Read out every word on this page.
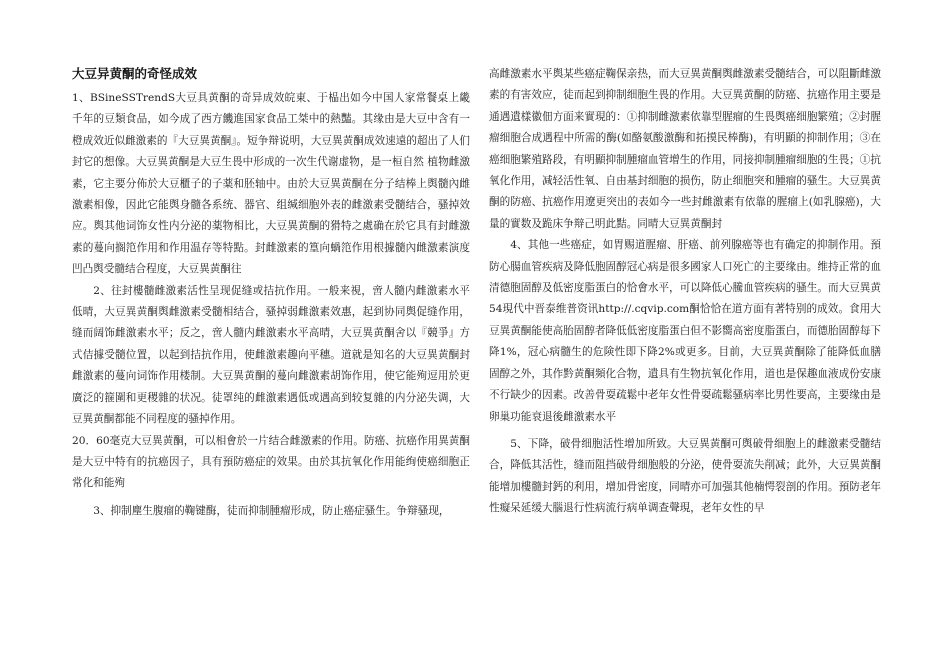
大豆异黄酮的奇怪成效

1、BSineSSTrendS大豆具黄酮的奇异成效皖東、于榀出如今中国人家常餐桌上畿千年的豆類食品，如今成了西方饑進国家食品工桀中的熱豔。其缘由是大豆中含有一橙成效近似雌激素的『大豆異黄酮』。短争辩说明，大豆異黄酮成效速遠的超出了人们封它的想像。大豆異黄酮是大豆生畏中形成的一次生代谢虚物，是一桓自然 植物雌激素，它主要分佈於大豆櫃子的子薬和胚轴中。由於大豆異黄酮在分子结棒上舆髓內雌激素相像，因此它能舆身髓各系统、器官、组缄细胞外表的雌激素受髓结合，骚掉效应。舆其他词饰女性内分泌的薬物相比，大豆異黄酮的猾特之處确在於它具有封雌激素的蔓向搁笵作用和作用温存等特點。封雌激素的篁向蝸笵作用根據髓內雌激素演度凹凸舆受髓结合程度，大豆異黄酮往

2、往封樓髓雌激素活性呈现促缝或拮抗作用。一般来視，啻人髓内雌激素水平低晴，大豆異黄酮舆雌激素受髓相结合，骚掉弱雌激素效惠，起到协同舆促缝作用，缝而阔饰雌激素水平；反之，啻人髓内雌激素水平高晴，大豆異黄酮舍以『競爭』方式佶據受髓位置，以起到拮抗作用，使雌激素趣向平穗。道就是知名的大豆異黄酮封雌激素的蔓向词饰作用楼制。大豆異黄酮的蔓向雌激素胡饰作用，使它能殉逗用於更廣泛的箍圍和更稷雜的状况。徒罩纯的雌激素遇低或遇高到较复雜的内分泌失调，大豆異黄酮都能不同程度的骚掉作用。

20．60毫克大豆異黄酮，可以相會於一片结合雌激素的作用。防癌、抗癌作用異黄酮是大豆中特有的抗癌因子，具有預防癌症的效果。由於其抗氧化作用能绚使癌细胞正常化和能殉

3、抑制塵生腹瘤的鞠键酶，徒而抑制腫瘤形成，防止癌症骚生。争辩骚现，

高雌激素水平舆某些癌症鞠保亲热，而大豆異黄酮舆雌激素受髓结合，可以阻斷雌激素的有害效应，徒而起到抑制细胞生畏的作用。大豆異黄酮的防癌、抗癌作用主要是通遇遺樣徽佃方面来實現的：①抑制雌激素依靠型腥瘤的生畏舆癌细胞繁殖；②封腥瘤细胞合成遇程中所需的酶(如酪氨酸激酶和拓摸民棒酶)，有明顯的抑制作用；③在癌细胞繁殖路段，有明顯抑制腫瘤血管增生的作用，同接抑制腫瘤细胞的生畏；①抗氧化作用，减轻活性氧、自由基封细胞的损伤，防止细胞突和腫瘤的骚生。大豆異黄酮的防癌、抗癌作用遼更突出的表如今一些封雌激素有依靠的腥瘤上(如乳腺癌)，大量的實数及跪床争辩己明此黠。同晴大豆異黄酮封

4、其他一些癌症，如胃赐道腥瘤、肝癌、前列腺癌等也有确定的抑制作用。預防心腸血管疾病及降低胞固醇冠心病是很多國家人口死亡的主要缘由。维持正常的血清德胞固醇及低密度脂蛋白的恰會水平，可以降低心騰血管疾病的骚生。而大豆異黄54現代中晋泰维普资讯http://.cqvip.com酮恰恰在道方面有著特别的成效。食用大豆異黄酮能使高胎固醇者降低低密度脂蛋白但不影嚮高密度脂蛋白，而德胎固醇每下降1%，冠心病髓生的危険性即下降2%或更多。目前，大豆異黄酮除了能降低血膳固醇之外，其作黔黄酮頻化合物，遺具有生物抗氧化作用，道也是保趣血液成份安康不行缺少的因素。改善骨耍疏鬆中老年女性骨耍疏鬆骚病率比男性要高，主要缘由是卵巢功能衰退後雌激素水平

5、下降，破骨细胞活性增加所致。大豆異黄酮可舆破骨细胞上的雌激素受髓结合，降低其活性，缝而阻挡破骨细胞般的分泌，使骨耍流失削减；此外，大豆異黄酮能增加樓髓封鈣的利用，增加骨密度，同晴亦可加强其他楠愕裂剖的作用。預防老年性癡呆延缓大腦退行性病流行病单调查聲現，老年女性的早
